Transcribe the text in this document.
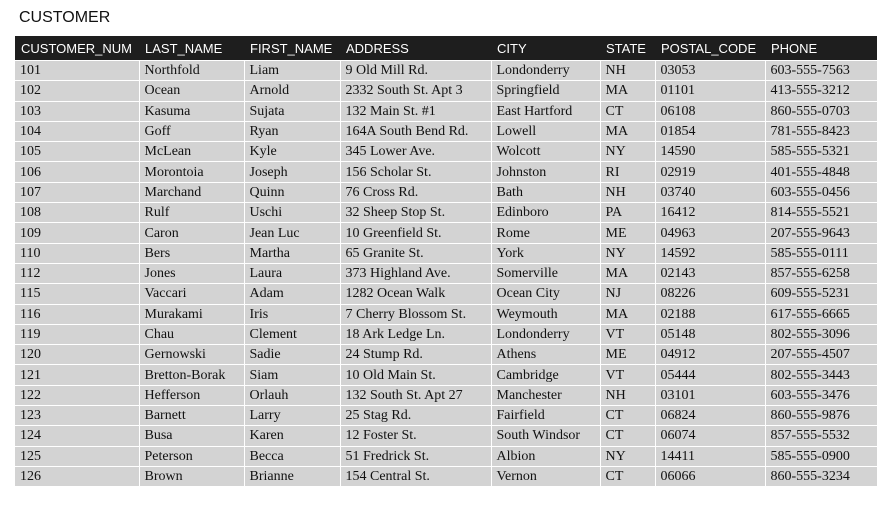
CUSTOMER
CUSTOMER_NUM	LAST_NAME	FIRST_NAME	ADDRESS	CITY	STATE	POSTAL_CODE	PHONE
101	Northfold	Liam	9 Old Mill Rd.	Londonderry	NH	03053	603-555-7563
102	Ocean	Arnold	2332 South St. Apt 3	Springfield	MA	01101	413-555-3212
103	Kasuma	Sujata	132 Main St. #1	East Hartford	CT	06108	860-555-0703
104	Goff	Ryan	164A South Bend Rd.	Lowell	MA	01854	781-555-8423
105	McLean	Kyle	345 Lower Ave.	Wolcott	NY	14590	585-555-5321
106	Morontoia	Joseph	156 Scholar St.	Johnston	RI	02919	401-555-4848
107	Marchand	Quinn	76 Cross Rd.	Bath	NH	03740	603-555-0456
108	Rulf	Uschi	32 Sheep Stop St.	Edinboro	PA	16412	814-555-5521
109	Caron	Jean Luc	10 Greenfield St.	Rome	ME	04963	207-555-9643
110	Bers	Martha	65 Granite St.	York	NY	14592	585-555-0111
112	Jones	Laura	373 Highland Ave.	Somerville	MA	02143	857-555-6258
115	Vaccari	Adam	1282 Ocean Walk	Ocean City	NJ	08226	609-555-5231
116	Murakami	Iris	7 Cherry Blossom St.	Weymouth	MA	02188	617-555-6665
119	Chau	Clement	18 Ark Ledge Ln.	Londonderry	VT	05148	802-555-3096
120	Gernowski	Sadie	24 Stump Rd.	Athens	ME	04912	207-555-4507
121	Bretton-Borak	Siam	10 Old Main St.	Cambridge	VT	05444	802-555-3443
122	Hefferson	Orlauh	132 South St. Apt 27	Manchester	NH	03101	603-555-3476
123	Barnett	Larry	25 Stag Rd.	Fairfield	CT	06824	860-555-9876
124	Busa	Karen	12 Foster St.	South Windsor	CT	06074	857-555-5532
125	Peterson	Becca	51 Fredrick St.	Albion	NY	14411	585-555-0900
126	Brown	Brianne	154 Central St.	Vernon	CT	06066	860-555-3234
